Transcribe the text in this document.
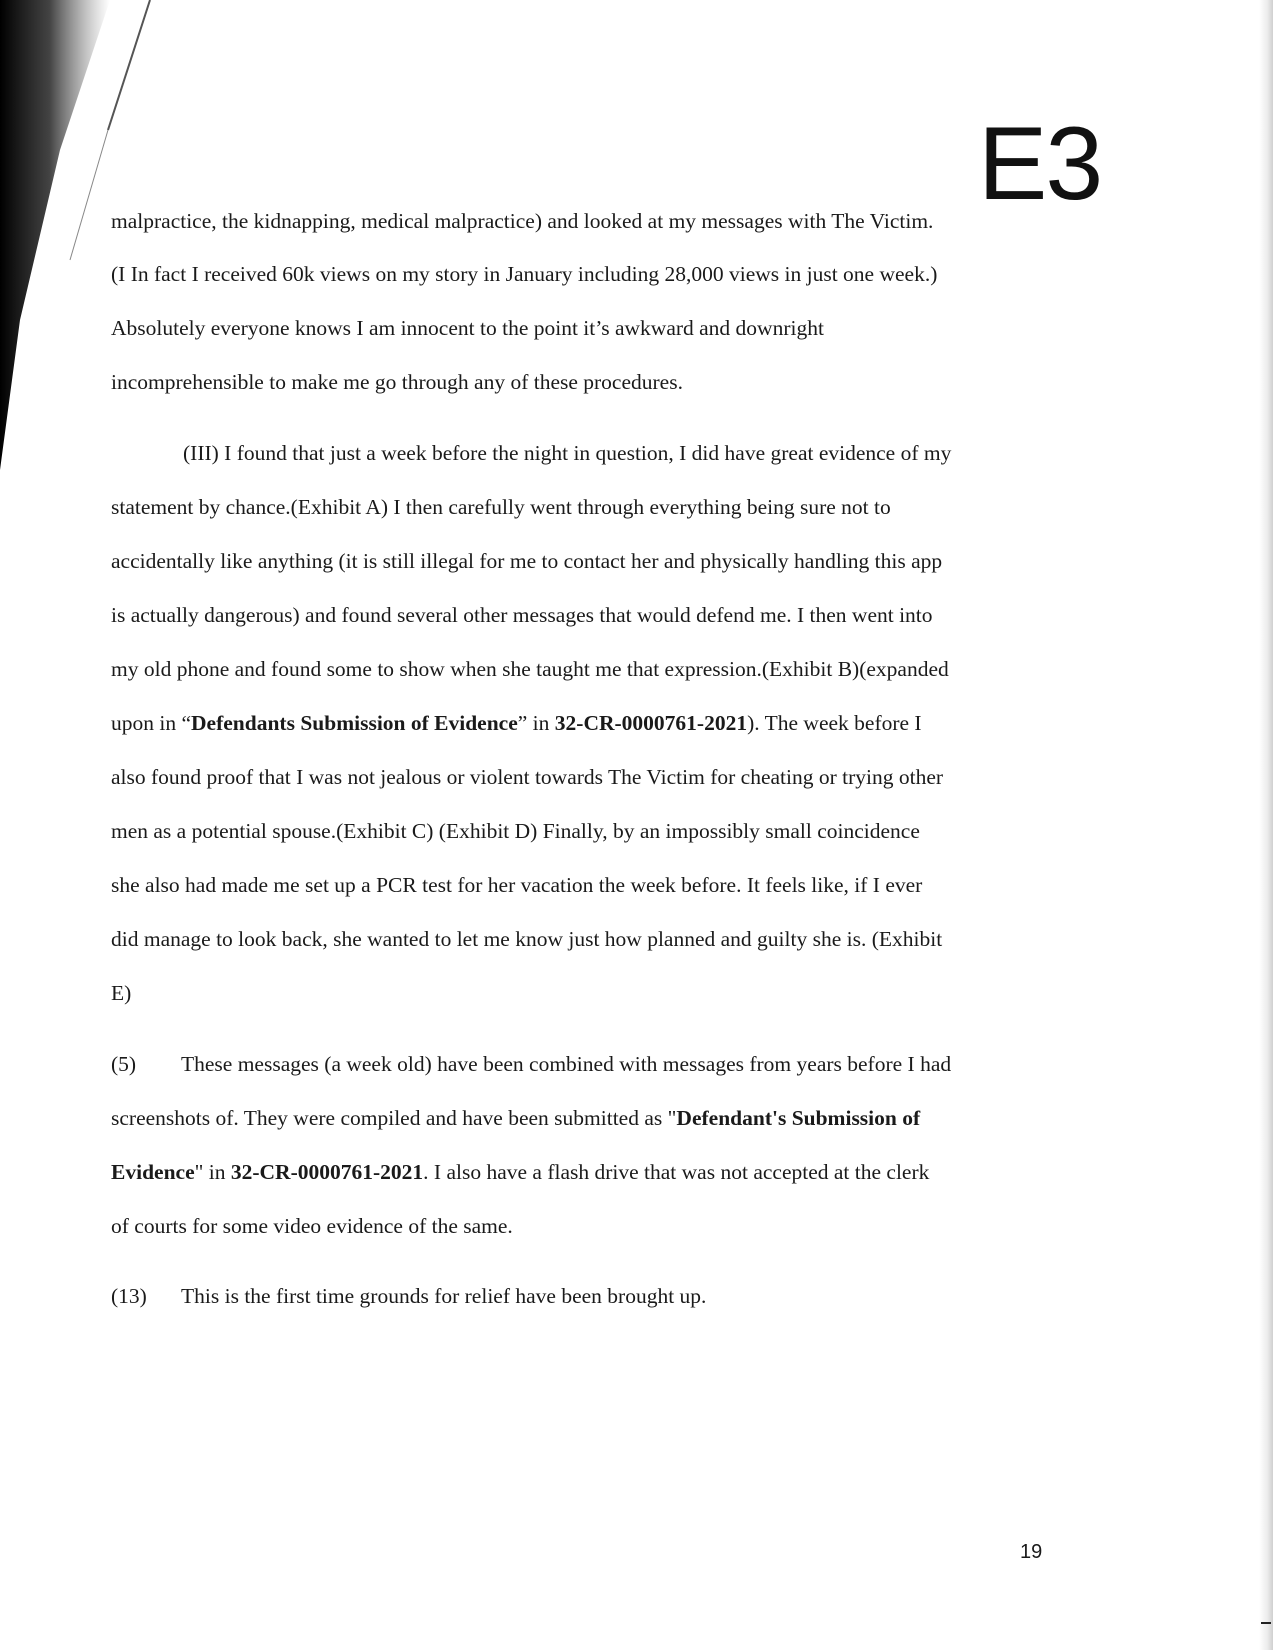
E3
malpractice, the kidnapping, medical malpractice) and looked at my messages with The Victim.
(I In fact I received 60k views on my story in January including 28,000 views in just one week.)
Absolutely everyone knows I am innocent to the point it’s awkward and downright
incomprehensible to make me go through any of these procedures.
(III) I found that just a week before the night in question, I did have great evidence of my
statement by chance.(Exhibit A) I then carefully went through everything being sure not to
accidentally like anything (it is still illegal for me to contact her and physically handling this app
is actually dangerous) and found several other messages that would defend me. I then went into
my old phone and found some to show when she taught me that expression.(Exhibit B)(expanded
upon in “Defendants Submission of Evidence” in 32-CR-0000761-2021). The week before I
also found proof that I was not jealous or violent towards The Victim for cheating or trying other
men as a potential spouse.(Exhibit C) (Exhibit D) Finally, by an impossibly small coincidence
she also had made me set up a PCR test for her vacation the week before. It feels like, if I ever
did manage to look back, she wanted to let me know just how planned and guilty she is. (Exhibit
E)
(5) These messages (a week old) have been combined with messages from years before I had
screenshots of. They were compiled and have been submitted as "Defendant's Submission of
Evidence" in 32-CR-0000761-2021. I also have a flash drive that was not accepted at the clerk
of courts for some video evidence of the same.
(13) This is the first time grounds for relief have been brought up.
19
